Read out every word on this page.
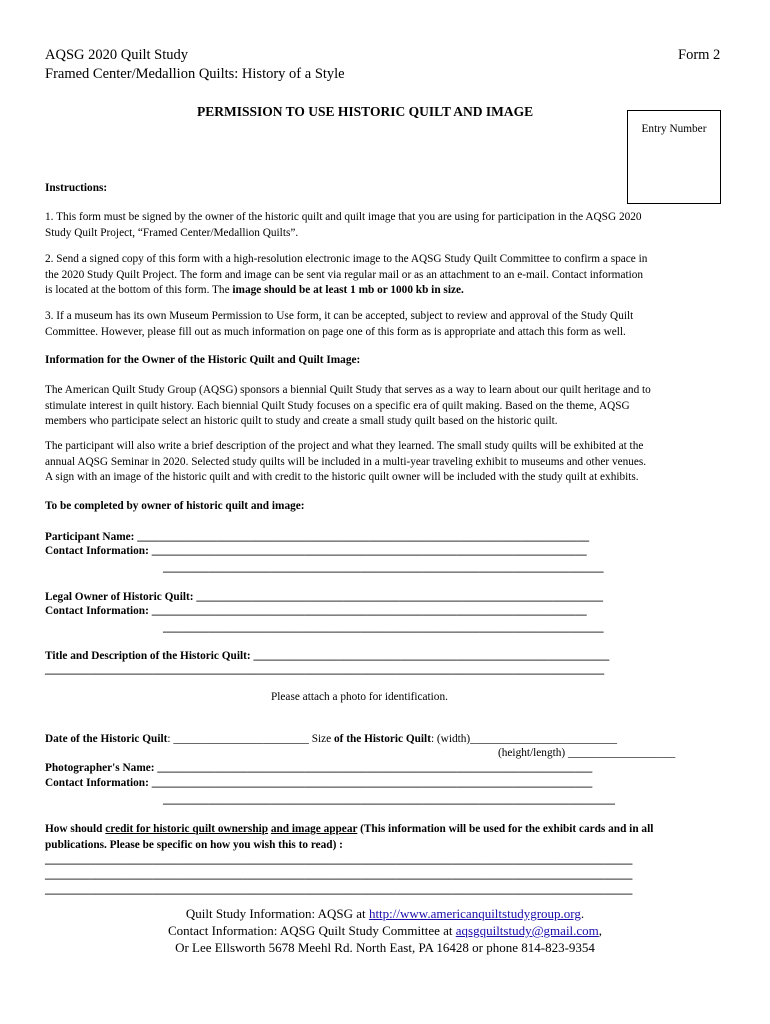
AQSG 2020 Quilt Study
Framed Center/Medallion Quilts: History of a Style
Form 2
PERMISSION TO USE HISTORIC QUILT AND IMAGE
Entry Number
Instructions:
1. This form must be signed by the owner of the historic quilt and quilt image that you are using for participation in the AQSG 2020
Study Quilt Project, “Framed Center/Medallion Quilts”.
2. Send a signed copy of this form with a high-resolution electronic image to the AQSG Study Quilt Committee to confirm a space in
the 2020 Study Quilt Project. The form and image can be sent via regular mail or as an attachment to an e-mail. Contact information
is located at the bottom of this form. The image should be at least 1 mb or 1000 kb in size.
3. If a museum has its own Museum Permission to Use form, it can be accepted, subject to review and approval of the Study Quilt
Committee. However, please fill out as much information on page one of this form as is appropriate and attach this form as well.
Information for the Owner of the Historic Quilt and Quilt Image:
The American Quilt Study Group (AQSG) sponsors a biennial Quilt Study that serves as a way to learn about our quilt heritage and to
stimulate interest in quilt history. Each biennial Quilt Study focuses on a specific era of quilt making. Based on the theme, AQSG
members who participate select an historic quilt to study and create a small study quilt based on the historic quilt.
The participant will also write a brief description of the project and what they learned. The small study quilts will be exhibited at the
annual AQSG Seminar in 2020. Selected study quilts will be included in a multi-year traveling exhibit to museums and other venues.
A sign with an image of the historic quilt and with credit to the historic quilt owner will be included with the study quilt at exhibits.
To be completed by owner of historic quilt and image:
Participant Name: ________________________________________________________________________________
Contact Information: _____________________________________________________________________________
______________________________________________________________________________
Legal Owner of Historic Quilt: ________________________________________________________________________
Contact Information: _____________________________________________________________________________
______________________________________________________________________________
Title and Description of the Historic Quilt: _______________________________________________________________
___________________________________________________________________________________________________
Please attach a photo for identification.
Date of the Historic Quilt: ________________________ Size of the Historic Quilt: (width)__________________________
(height/length) ___________________
Photographer's Name: _____________________________________________________________________________
Contact Information: ______________________________________________________________________________
________________________________________________________________________________
How should credit for historic quilt ownership and image appear (This information will be used for the exhibit cards and in all
publications. Please be specific on how you wish this to read) :
________________________________________________________________________________________________________
________________________________________________________________________________________________________
________________________________________________________________________________________________________
Quilt Study Information: AQSG at http://www.americanquiltstudygroup.org.
Contact Information: AQSG Quilt Study Committee at aqsgquiltstudy@gmail.com,
Or Lee Ellsworth 5678 Meehl Rd. North East, PA 16428 or phone 814-823-9354
